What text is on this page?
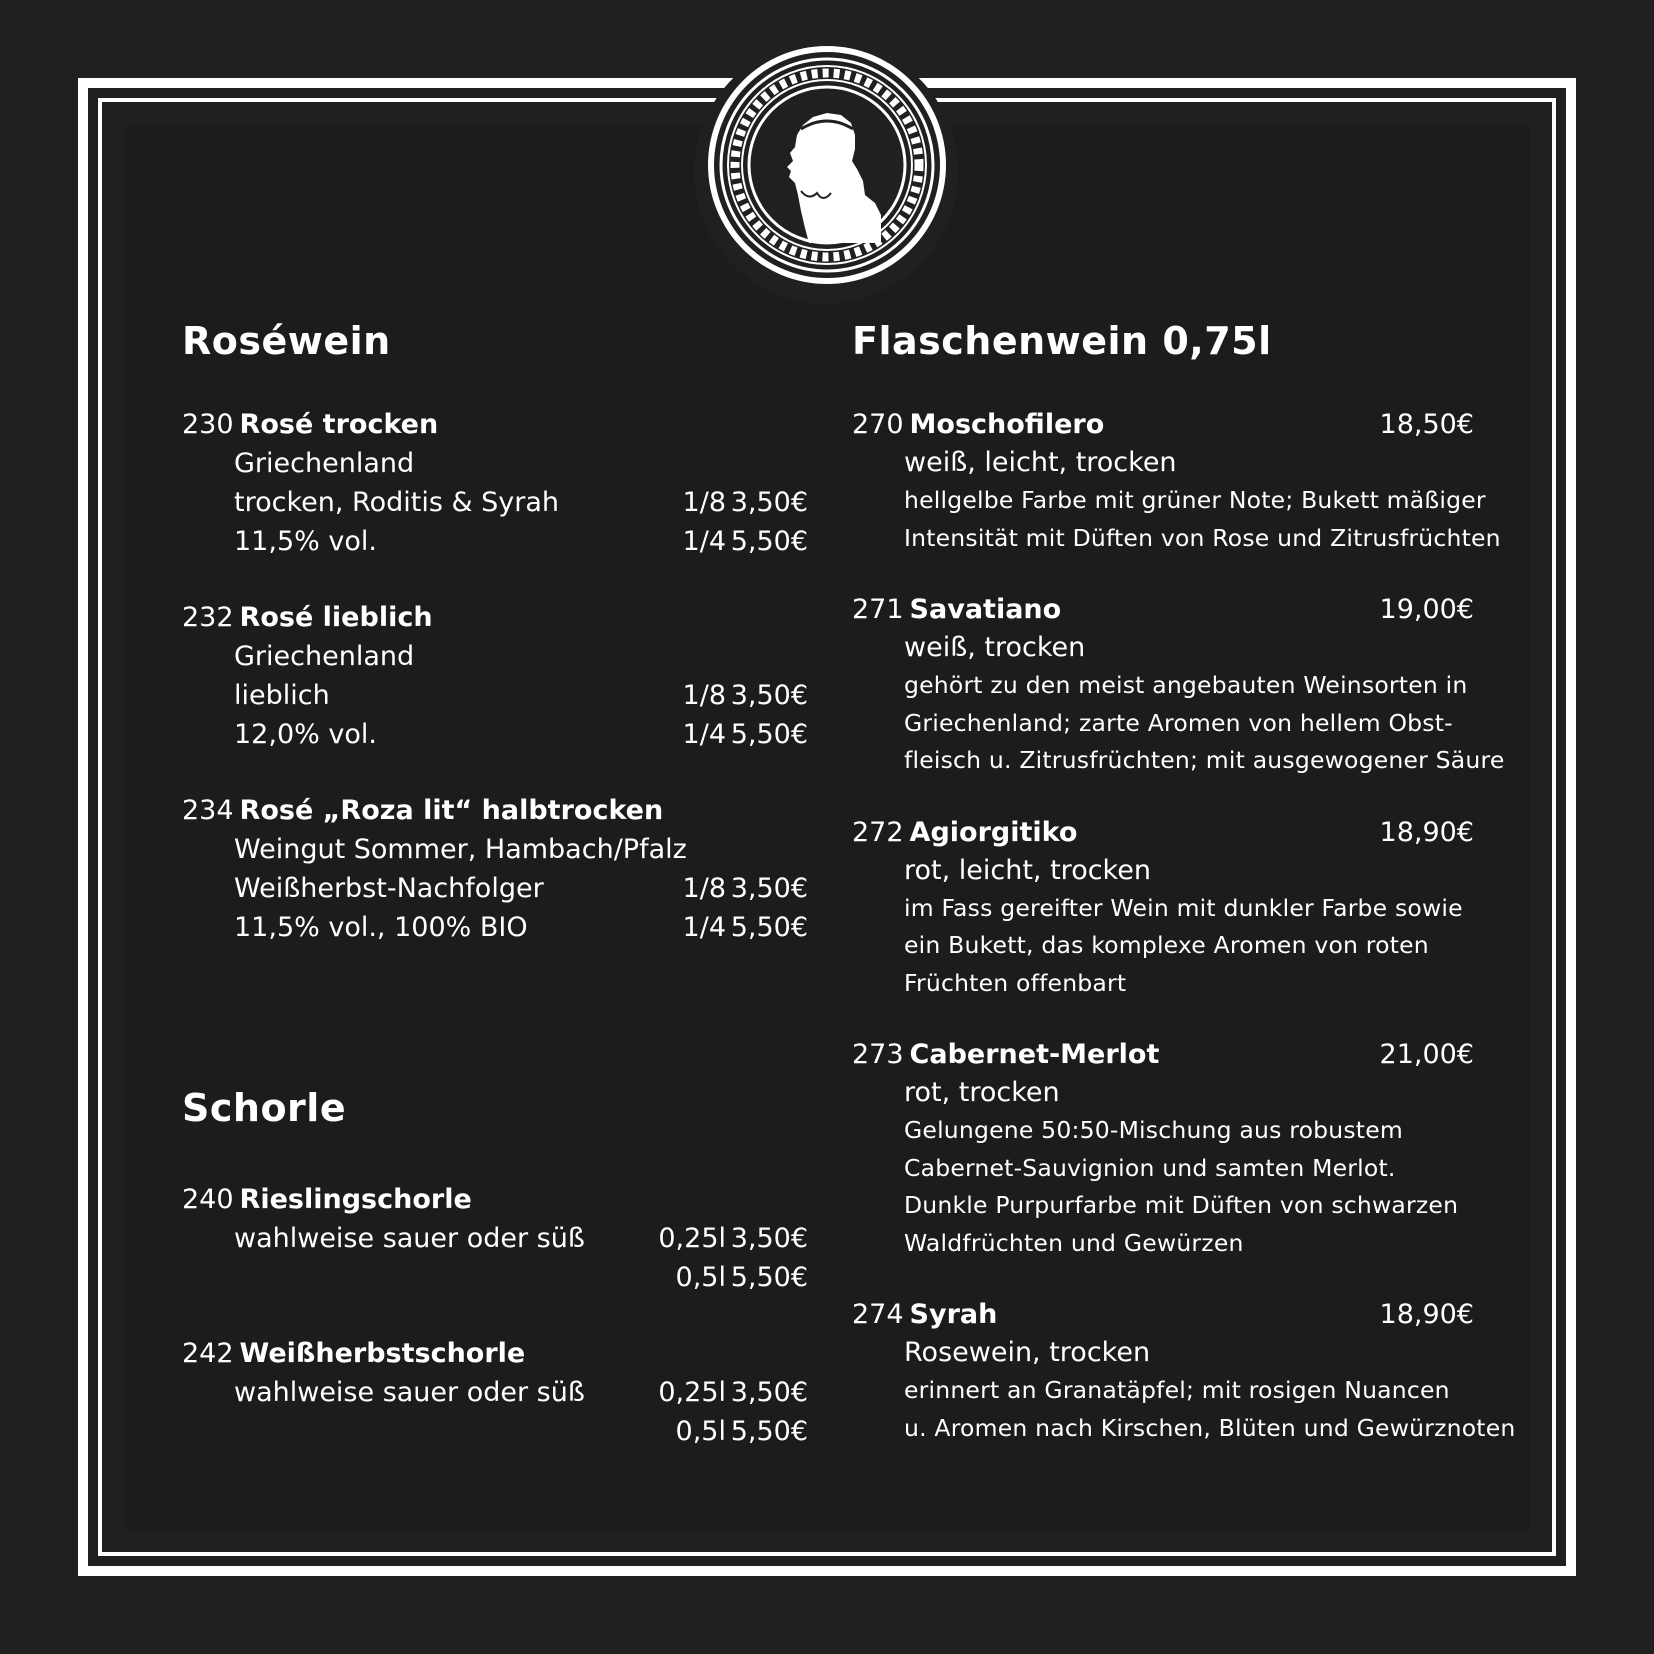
Roséwein
230 Rosé trocken
Griechenland
trocken, Roditis & Syrah	1/8 3,50€
11,5% vol.	1/4 5,50€
232 Rosé lieblich
Griechenland
lieblich	1/8 3,50€
12,0% vol.	1/4 5,50€
234 Rosé „Roza lit“ halbtrocken
Weingut Sommer, Hambach/Pfalz
Weißherbst-Nachfolger	1/8 3,50€
11,5% vol., 100% BIO	1/4 5,50€
Schorle
240 Rieslingschorle
wahlweise sauer oder süß	0,25l 3,50€

0,5l 5,50€
242 Weißherbstschorle
wahlweise sauer oder süß	0,25l 3,50€

0,5l 5,50€
Flaschenwein 0,75l
270 Moschofilero	18,50€
weiß, leicht, trocken
hellgelbe Farbe mit grüner Note; Bukett mäßiger
Intensität mit Düften von Rose und Zitrusfrüchten
271 Savatiano	19,00€
weiß, trocken
gehört zu den meist angebauten Weinsorten in
Griechenland; zarte Aromen von hellem Obst-
fleisch u. Zitrusfrüchten; mit ausgewogener Säure
272 Agiorgitiko	18,90€
rot, leicht, trocken
im Fass gereifter Wein mit dunkler Farbe sowie
ein Bukett, das komplexe Aromen von roten
Früchten offenbart
273 Cabernet-Merlot	21,00€
rot, trocken
Gelungene 50:50-Mischung aus robustem
Cabernet-Sauvignion und samten Merlot.
Dunkle Purpurfarbe mit Düften von schwarzen
Waldfrüchten und Gewürzen
274 Syrah	18,90€
Rosewein, trocken
erinnert an Granatäpfel; mit rosigen Nuancen
u. Aromen nach Kirschen, Blüten und Gewürznoten
